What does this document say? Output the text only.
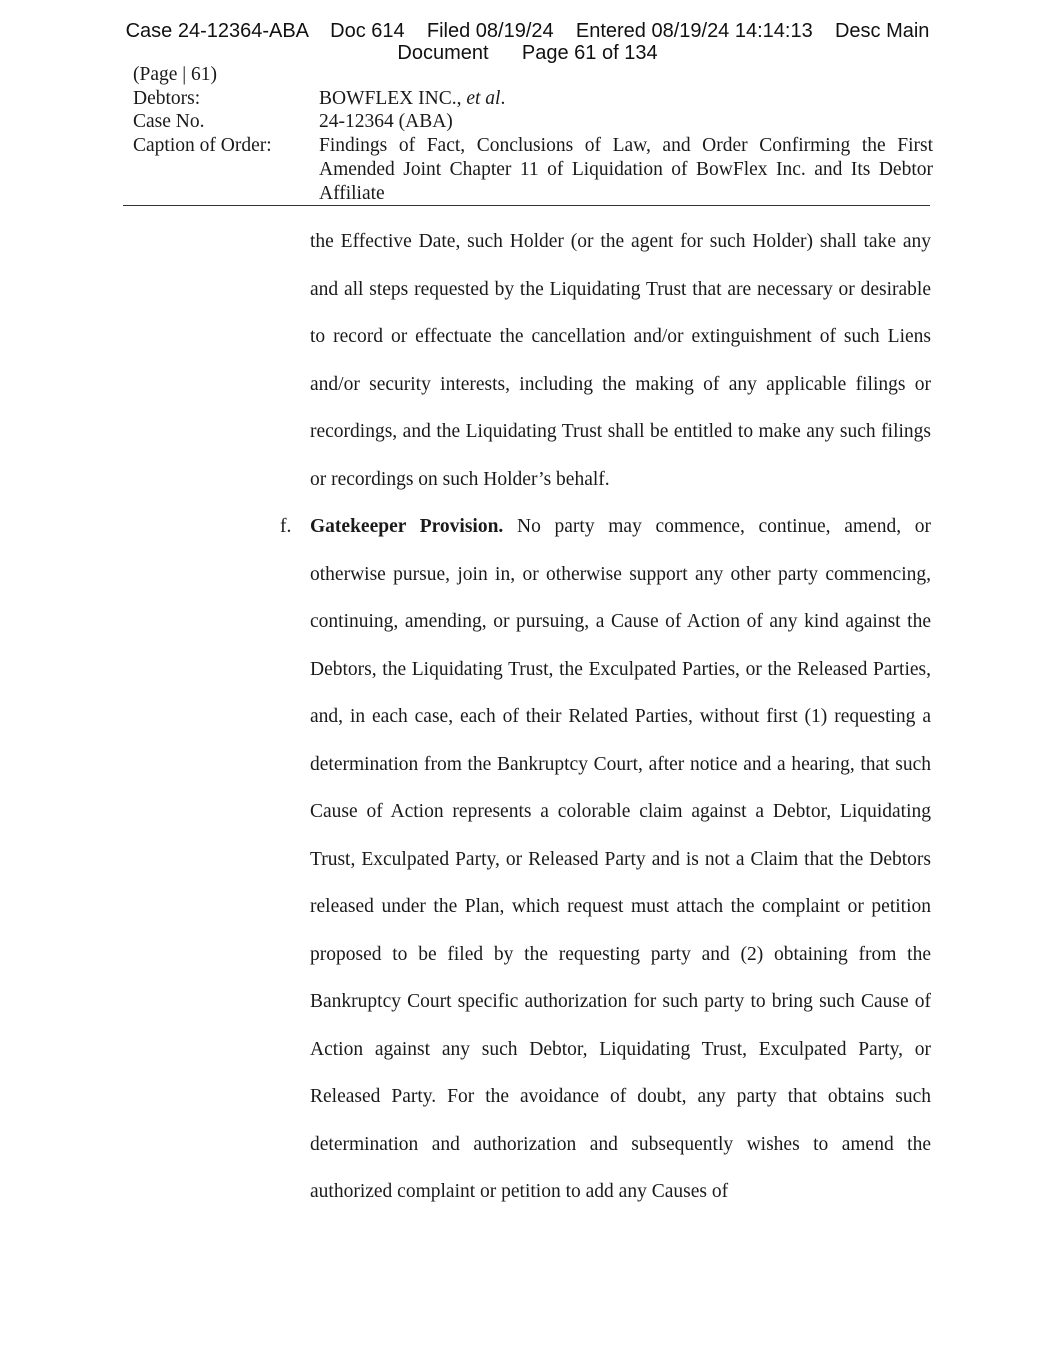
Case 24-12364-ABA    Doc 614    Filed 08/19/24    Entered 08/19/24 14:14:13    Desc Main
Document      Page 61 of 134
(Page | 61)
Debtors:	BOWFLEX INC., et al.
Case No.	24-12364 (ABA)
Caption of Order:	Findings of Fact, Conclusions of Law, and Order Confirming the First Amended Joint Chapter 11 of Liquidation of BowFlex Inc. and Its Debtor Affiliate
the Effective Date, such Holder (or the agent for such Holder) shall take any and all steps requested by the Liquidating Trust that are necessary or desirable to record or effectuate the cancellation and/or extinguishment of such Liens and/or security interests, including the making of any applicable filings or recordings, and the Liquidating Trust shall be entitled to make any such filings or recordings on such Holder’s behalf.
f. Gatekeeper Provision. No party may commence, continue, amend, or otherwise pursue, join in, or otherwise support any other party commencing, continuing, amending, or pursuing, a Cause of Action of any kind against the Debtors, the Liquidating Trust, the Exculpated Parties, or the Released Parties, and, in each case, each of their Related Parties, without first (1) requesting a determination from the Bankruptcy Court, after notice and a hearing, that such Cause of Action represents a colorable claim against a Debtor, Liquidating Trust, Exculpated Party, or Released Party and is not a Claim that the Debtors released under the Plan, which request must attach the complaint or petition proposed to be filed by the requesting party and (2) obtaining from the Bankruptcy Court specific authorization for such party to bring such Cause of Action against any such Debtor, Liquidating Trust, Exculpated Party, or Released Party. For the avoidance of doubt, any party that obtains such determination and authorization and subsequently wishes to amend the authorized complaint or petition to add any Causes of
